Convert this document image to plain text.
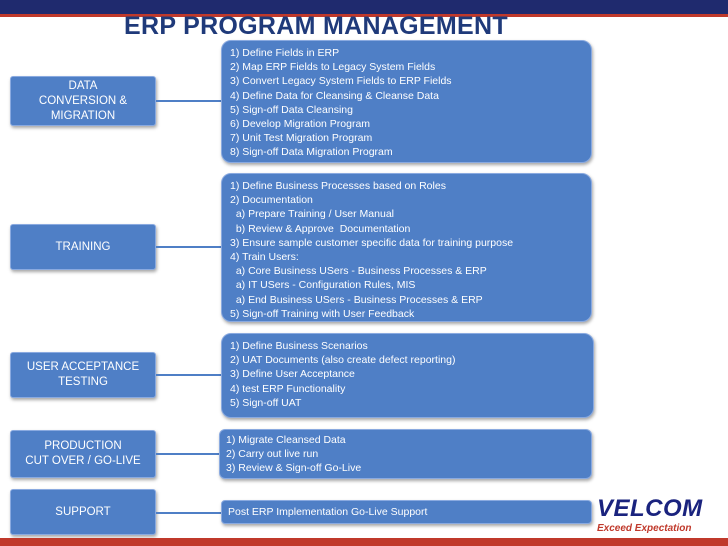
ERP PROGRAM MANAGEMENT
DATA
CONVERSION &
MIGRATION
1) Define Fields in ERP
2) Map ERP Fields to Legacy System Fields
3) Convert Legacy System Fields to ERP Fields
4) Define Data for Cleansing & Cleanse Data
5) Sign-off Data Cleansing
6) Develop Migration Program
7) Unit Test Migration Program
8) Sign-off Data Migration Program
TRAINING
1) Define Business Processes based on Roles
2) Documentation
a) Prepare Training / User Manual
b) Review & Approve  Documentation
3) Ensure sample customer specific data for training purpose
4) Train Users:
a) Core Business USers - Business Processes & ERP
a) IT USers - Configuration Rules, MIS
a) End Business USers - Business Processes & ERP
5) Sign-off Training with User Feedback
USER ACCEPTANCE
TESTING
1) Define Business Scenarios
2) UAT Documents (also create defect reporting)
3) Define User Acceptance
4) test ERP Functionality
5) Sign-off UAT
PRODUCTION
CUT OVER / GO-LIVE
1) Migrate Cleansed Data
2) Carry out live run
3) Review & Sign-off Go-Live
SUPPORT	Post ERP Implementation Go-Live Support	VELCOM
Exceed Expectation
